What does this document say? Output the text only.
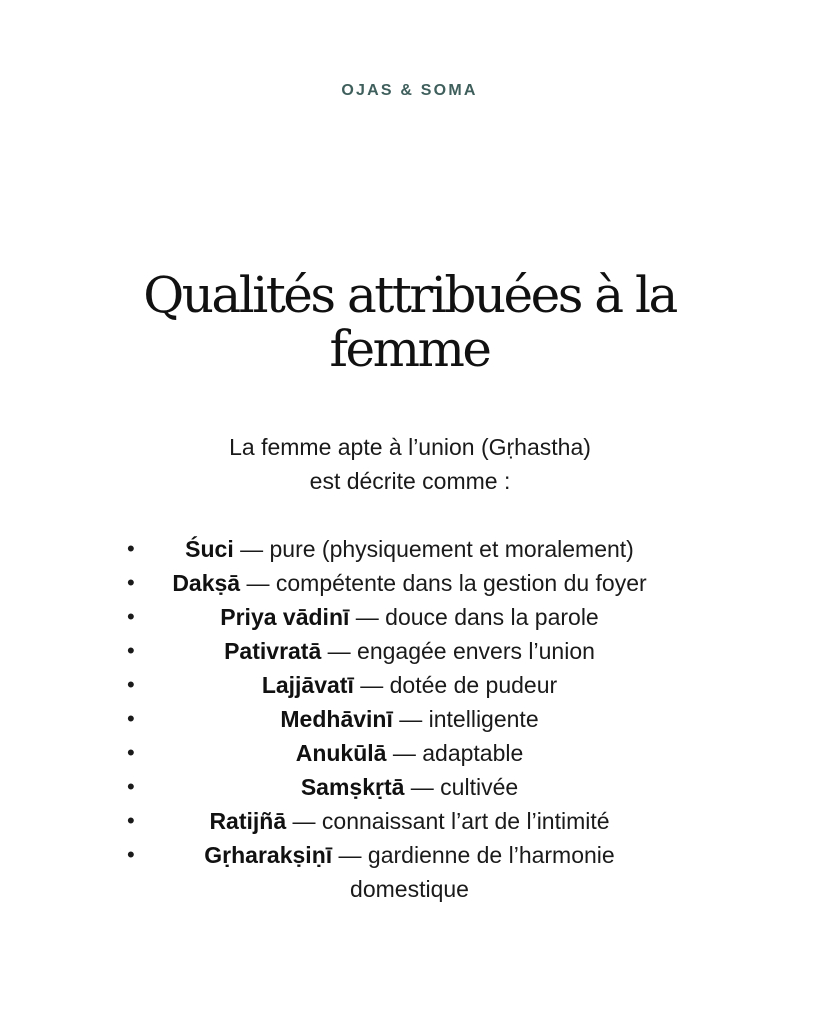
OJAS & SOMA
Qualités attribuées à la femme
La femme apte à l’union (Gṛhastha)
est décrite comme :
• Śuci — pure (physiquement et moralement)
• Dakṣā — compétente dans la gestion du foyer
•	Priya vādinī — douce dans la parole
•	Pativratā — engagée envers l’union
•	Lajjāvatī — dotée de pudeur
•	Medhāvinī — intelligente
•	Anukūlā — adaptable
•	Samṣkṛtā — cultivée
•	Ratijñā — connaissant l’art de l’intimité
•	Gṛharakṣiṇī — gardienne de l’harmonie domestique
